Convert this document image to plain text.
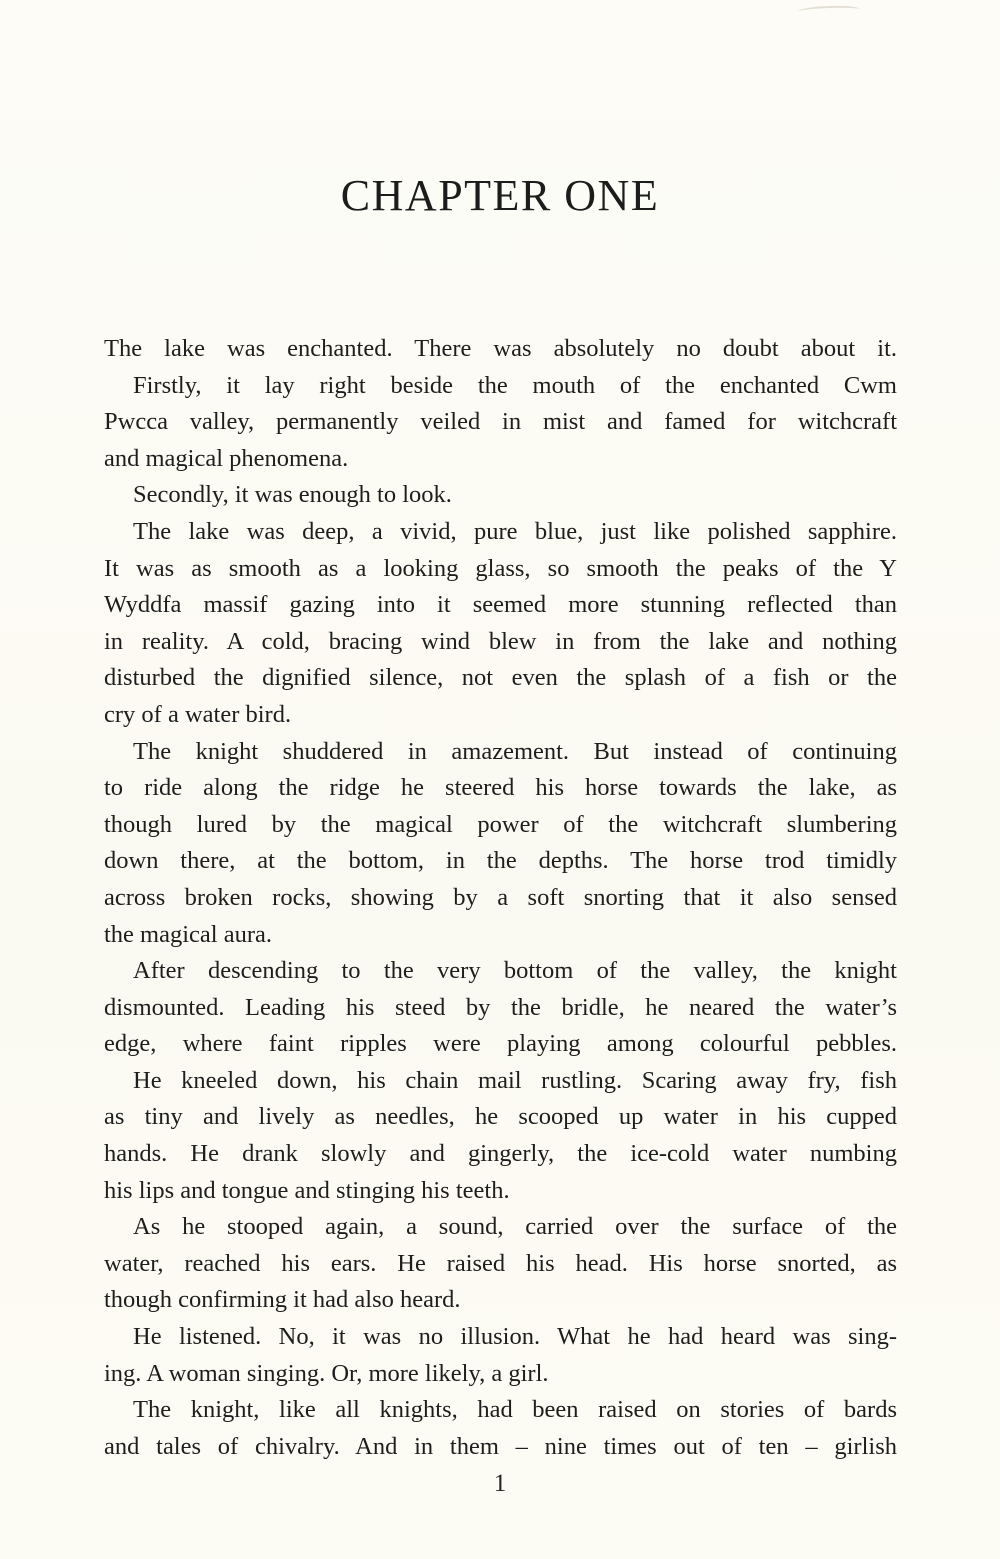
CHAPTER ONE

The lake was enchanted. There was absolutely no doubt about it.

Firstly, it lay right beside the mouth of the enchanted Cwm
Pwcca valley, permanently veiled in mist and famed for witchcraft
and magical phenomena.

Secondly, it was enough to look.

The lake was deep, a vivid, pure blue, just like polished sapphire.
It was as smooth as a looking glass, so smooth the peaks of the Y
Wyddfa massif gazing into it seemed more stunning reflected than
in reality. A cold, bracing wind blew in from the lake and nothing
disturbed the dignified silence, not even the splash of a fish or the
cry of a water bird.

The knight shuddered in amazement. But instead of continuing
to ride along the ridge he steered his horse towards the lake, as
though lured by the magical power of the witchcraft slumbering
down there, at the bottom, in the depths. The horse trod timidly
across broken rocks, showing by a soft snorting that it also sensed
the magical aura.

After descending to the very bottom of the valley, the knight
dismounted. Leading his steed by the bridle, he neared the water’s
edge, where faint ripples were playing among colourful pebbles.

He kneeled down, his chain mail rustling. Scaring away fry, fish
as tiny and lively as needles, he scooped up water in his cupped
hands. He drank slowly and gingerly, the ice-cold water numbing
his lips and tongue and stinging his teeth.

As he stooped again, a sound, carried over the surface of the
water, reached his ears. He raised his head. His horse snorted, as
though confirming it had also heard.

He listened. No, it was no illusion. What he had heard was sing-
ing. A woman singing. Or, more likely, a girl.

The knight, like all knights, had been raised on stories of bards
and tales of chivalry. And in them – nine times out of ten – girlish

1
